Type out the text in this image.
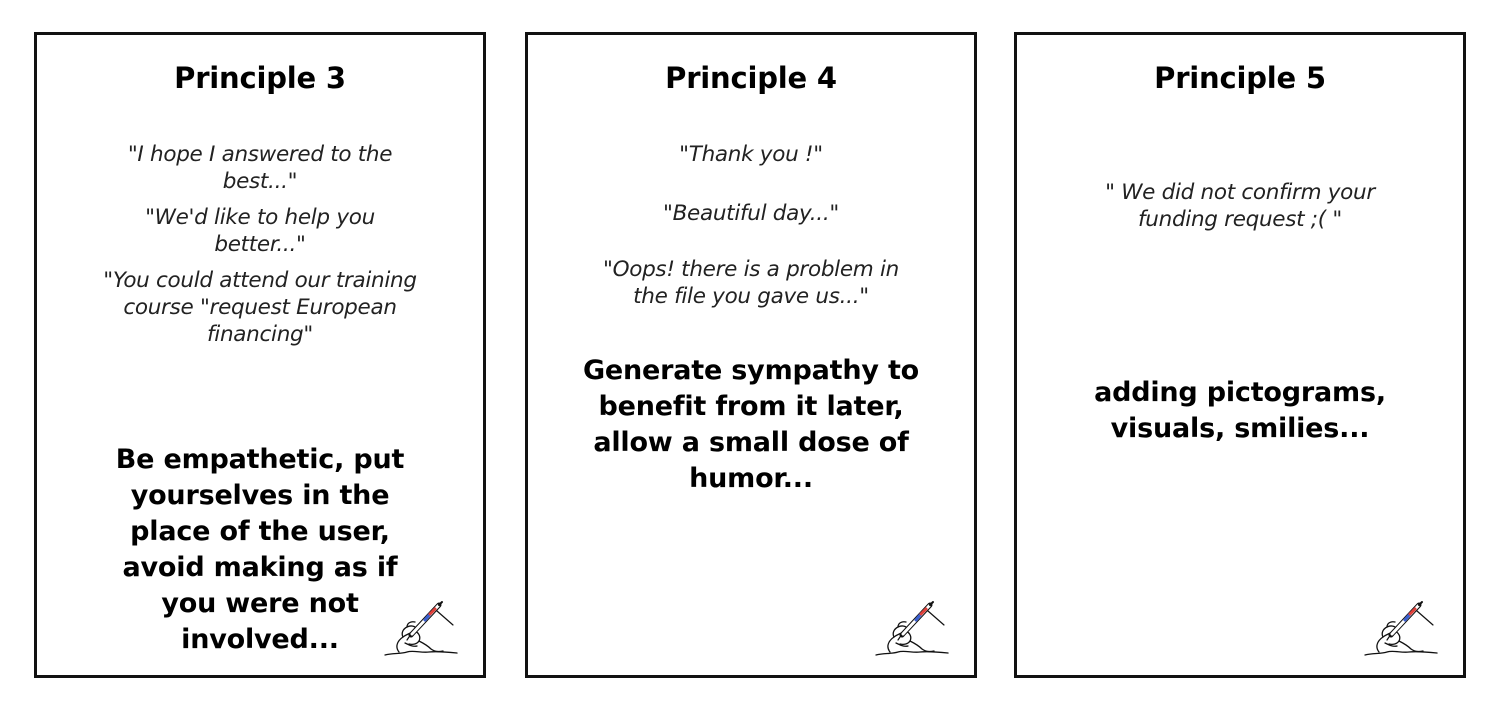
Principle 3

"I hope I answered to the best..."

"We'd like to help you better..."

"You could attend our training course "request European financing"

Be empathetic, put yourselves in the place of the user, avoid making as if you were not involved...
Principle 4

"Thank you !"

"Beautiful day..."

"Oops! there is a problem in the file you gave us..."

Generate sympathy to benefit from it later, allow a small dose of humor...
Principle 5

" We did not confirm your funding request ;( "

adding pictograms, visuals, smilies...
